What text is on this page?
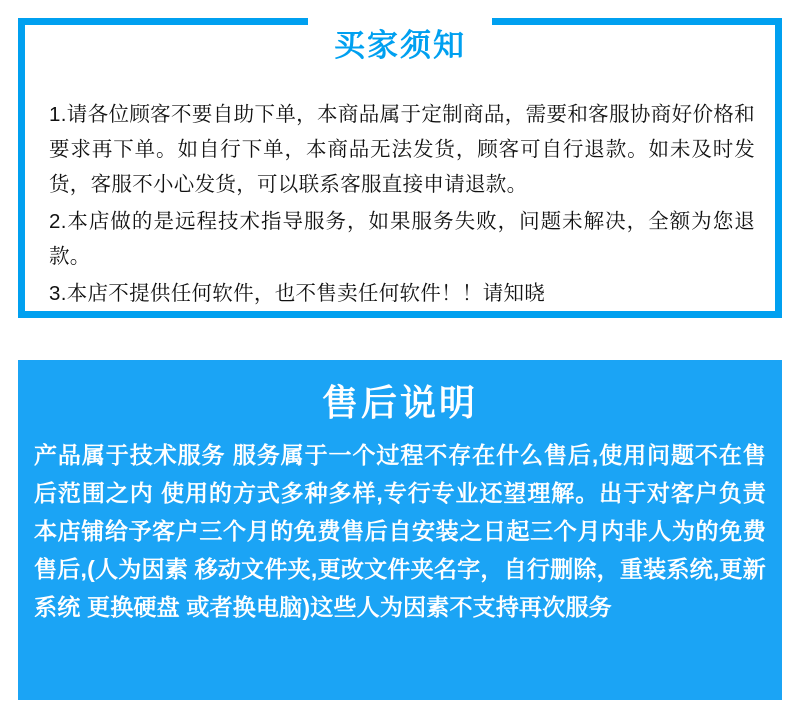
买家须知

1.请各位顾客不要自助下单，本商品属于定制商品，需要和客服协商好价格和要求再下单。如自行下单，本商品无法发货，顾客可自行退款。如未及时发货，客服不小心发货，可以联系客服直接申请退款。

2.本店做的是远程技术指导服务，如果服务失败，问题未解决，全额为您退款。

3.本店不提供任何软件，也不售卖任何软件！！请知晓

售后说明
产品属于技术服务 服务属于一个过程不存在什么售后,使用问题不在售后范围之内 使用的方式多种多样,专行专业还望理解。出于对客户负责本店铺给予客户三个月的免费售后自安装之日起三个月内非人为的免费售后,(人为因素 移动文件夹,更改文件夹名字，自行删除，重装系统,更新系统 更换硬盘 或者换电脑)这些人为因素不支持再次服务
